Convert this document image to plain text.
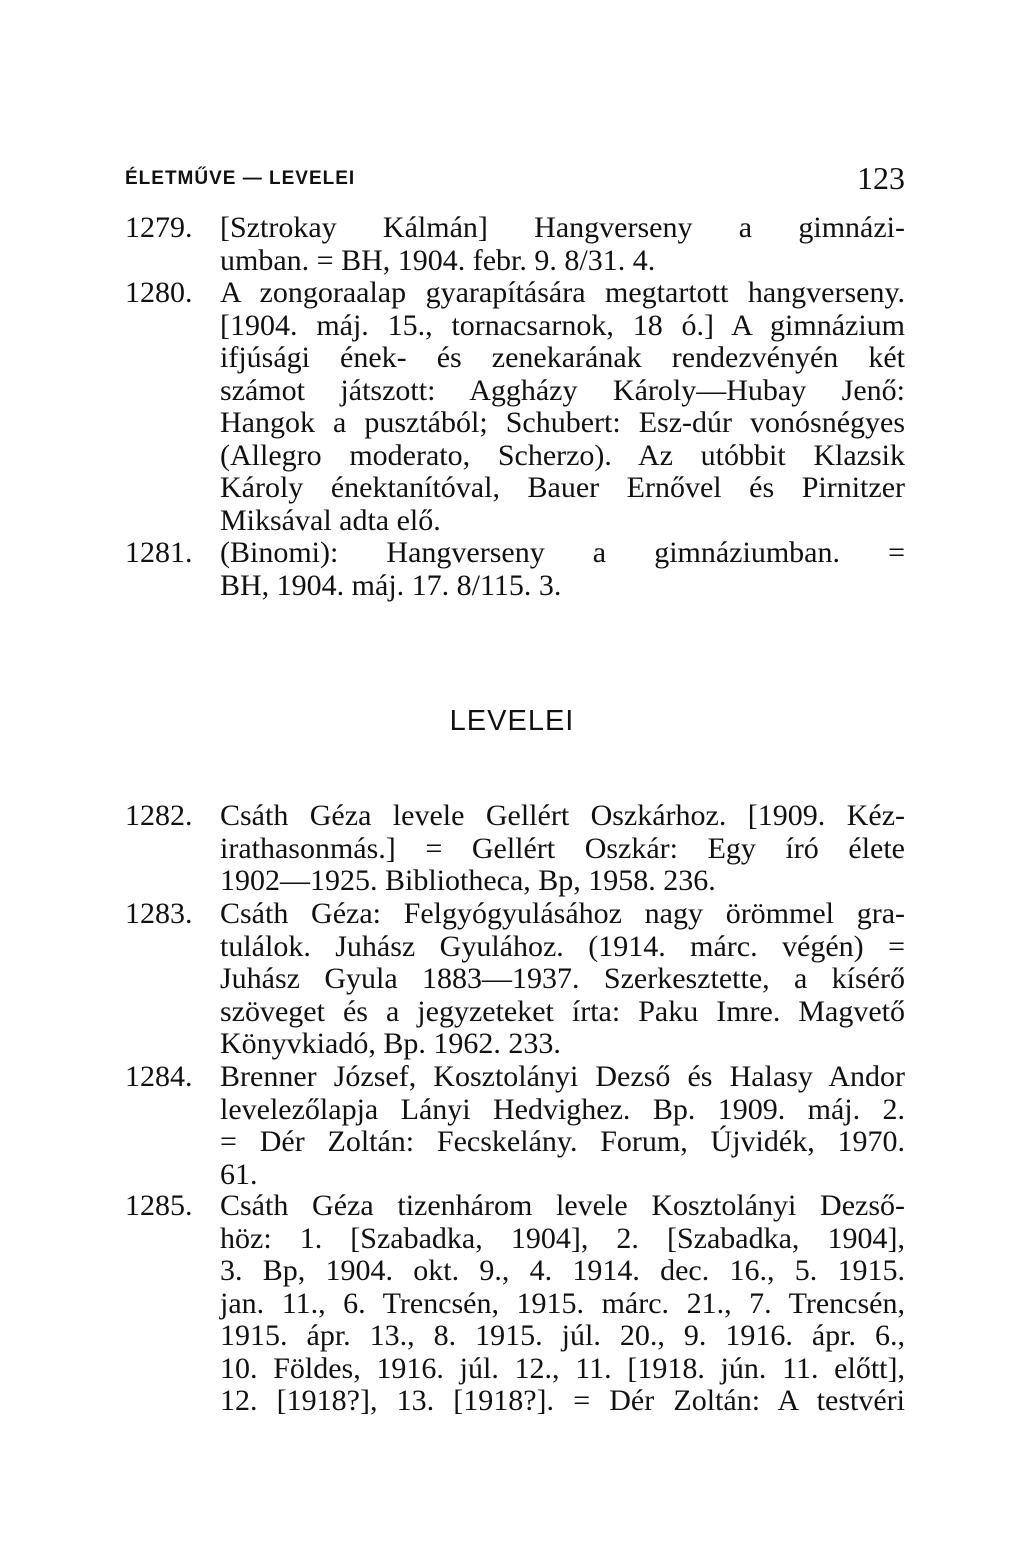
ÉLETMŰVE — LEVELEI	123
1279. [Sztrokay Kálmán] Hangverseny a gimnázi-
umban. = BH, 1904. febr. 9. 8/31. 4.
1280. A zongoraalap gyarapítására megtartott hangverseny.
[1904. máj. 15., tornacsarnok, 18 ó.] A gimnázium
ifjúsági ének- és zenekarának rendezvényén két
számot játszott: Aggházy Károly—Hubay Jenő:
Hangok a pusztából; Schubert: Esz-dúr vonósnégyes
(Allegro moderato, Scherzo). Az utóbbit Klazsik
Károly énektanítóval, Bauer Ernővel és Pirnitzer
Miksával adta elő.
1281. (Binomi): Hangverseny a gimnáziumban. =
BH, 1904. máj. 17. 8/115. 3.
LEVELEI
1282. Csáth Géza levele Gellért Oszkárhoz. [1909. Kéz-
irathasonmás.] = Gellért Oszkár: Egy író élete
1902—1925. Bibliotheca, Bp, 1958. 236.
1283. Csáth Géza: Felgyógyulásához nagy örömmel gra-
tulálok. Juhász Gyulához. (1914. márc. végén) =
Juhász Gyula 1883—1937. Szerkesztette, a kísérő
szöveget és a jegyzeteket írta: Paku Imre. Magvető
Könyvkiadó, Bp. 1962. 233.
1284. Brenner József, Kosztolányi Dezső és Halasy Andor
levelezőlapja Lányi Hedvighez. Bp. 1909. máj. 2.
= Dér Zoltán: Fecskelány. Forum, Újvidék, 1970.
61.
1285. Csáth Géza tizenhárom levele Kosztolányi Dezső-
höz: 1. [Szabadka, 1904], 2. [Szabadka, 1904],
3. Bp, 1904. okt. 9., 4. 1914. dec. 16., 5. 1915.
jan. 11., 6. Trencsén, 1915. márc. 21., 7. Trencsén,
1915. ápr. 13., 8. 1915. júl. 20., 9. 1916. ápr. 6.,
10. Földes, 1916. júl. 12., 11. [1918. jún. 11. előtt],
12. [1918?], 13. [1918?]. = Dér Zoltán: A testvéri
